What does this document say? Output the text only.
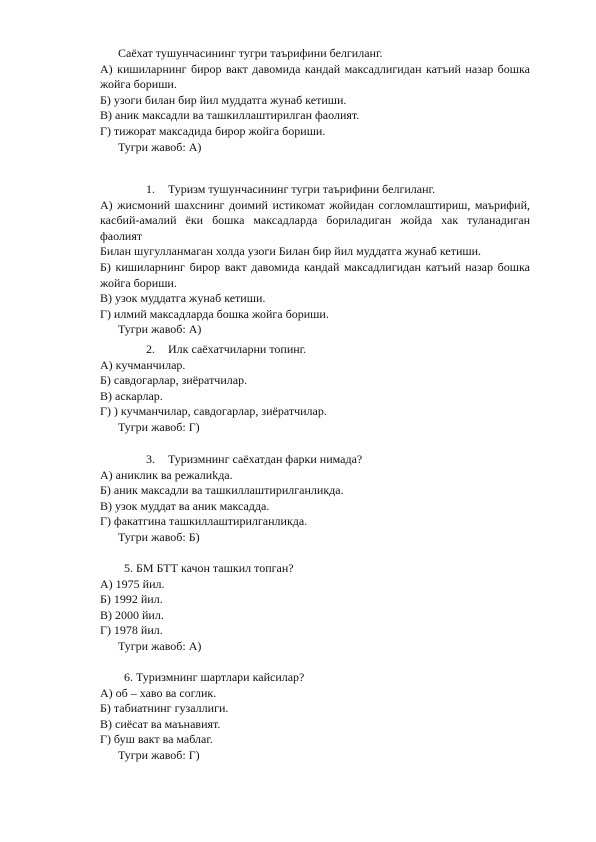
Саёхат тушунчасининг тугри таърифини белгиланг.
А) кишиларнинг бирор вакт давомида кандай максадлигидан катъий назар бошка
жойга бориши.
Б) узоги билан бир йил муддатга жунаб кетиши.
В) аник максадли ва ташкиллаштирилган фаолият.
Г) тижорат максадида бирор жойга бориши.
Тугри жавоб: А)
1. Туризм тушунчасининг тугри таърифини белгиланг.
А) жисмоний шахснинг доимий истикомат жойидан согломлаштириш, маърифий,
касбий-амалий ёки бошка максадларда бориладиган жойда хак туланадиган фаолият
Билан шугулланмаган холда узоги Билан бир йил муддатга жунаб кетиши.
Б) кишиларнинг бирор вакт давомида кандай максадлигидан катъий назар бошка
жойга бориши.
В) узок муддатга жунаб кетиши.
Г) илмий максадларда бошка жойга бориши.
Тугри жавоб: А)
2. Илк саёхатчиларни топинг.
А) кучманчилар.
Б) савдогарлар, зиёратчилар.
В) аскарлар.
Г) ) кучманчилар, савдогарлар, зиёратчилар.
Тугри жавоб: Г)
3. Туризмнинг саёхатдан фарки нимада?
А) аниклик ва режалиkда.
Б) аник максадли ва ташкиллаштирилганликда.
В) узок муддат ва аник максадда.
Г) факатгина ташкиллаштирилганликда.
Тугри жавоб: Б)
5. БМ БТТ качон ташкил топган?
А) 1975 йил.
Б) 1992 йил.
В) 2000 йил.
Г) 1978 йил.
Тугри жавоб: А)
6. Туризмнинг шартлари кайсилар?
А) об – хаво ва соглик.
Б) табиатнинг гузаллиги.
В) сиёсат ва маънавият.
Г) буш вакт ва маблаг.
Тугри жавоб: Г)
